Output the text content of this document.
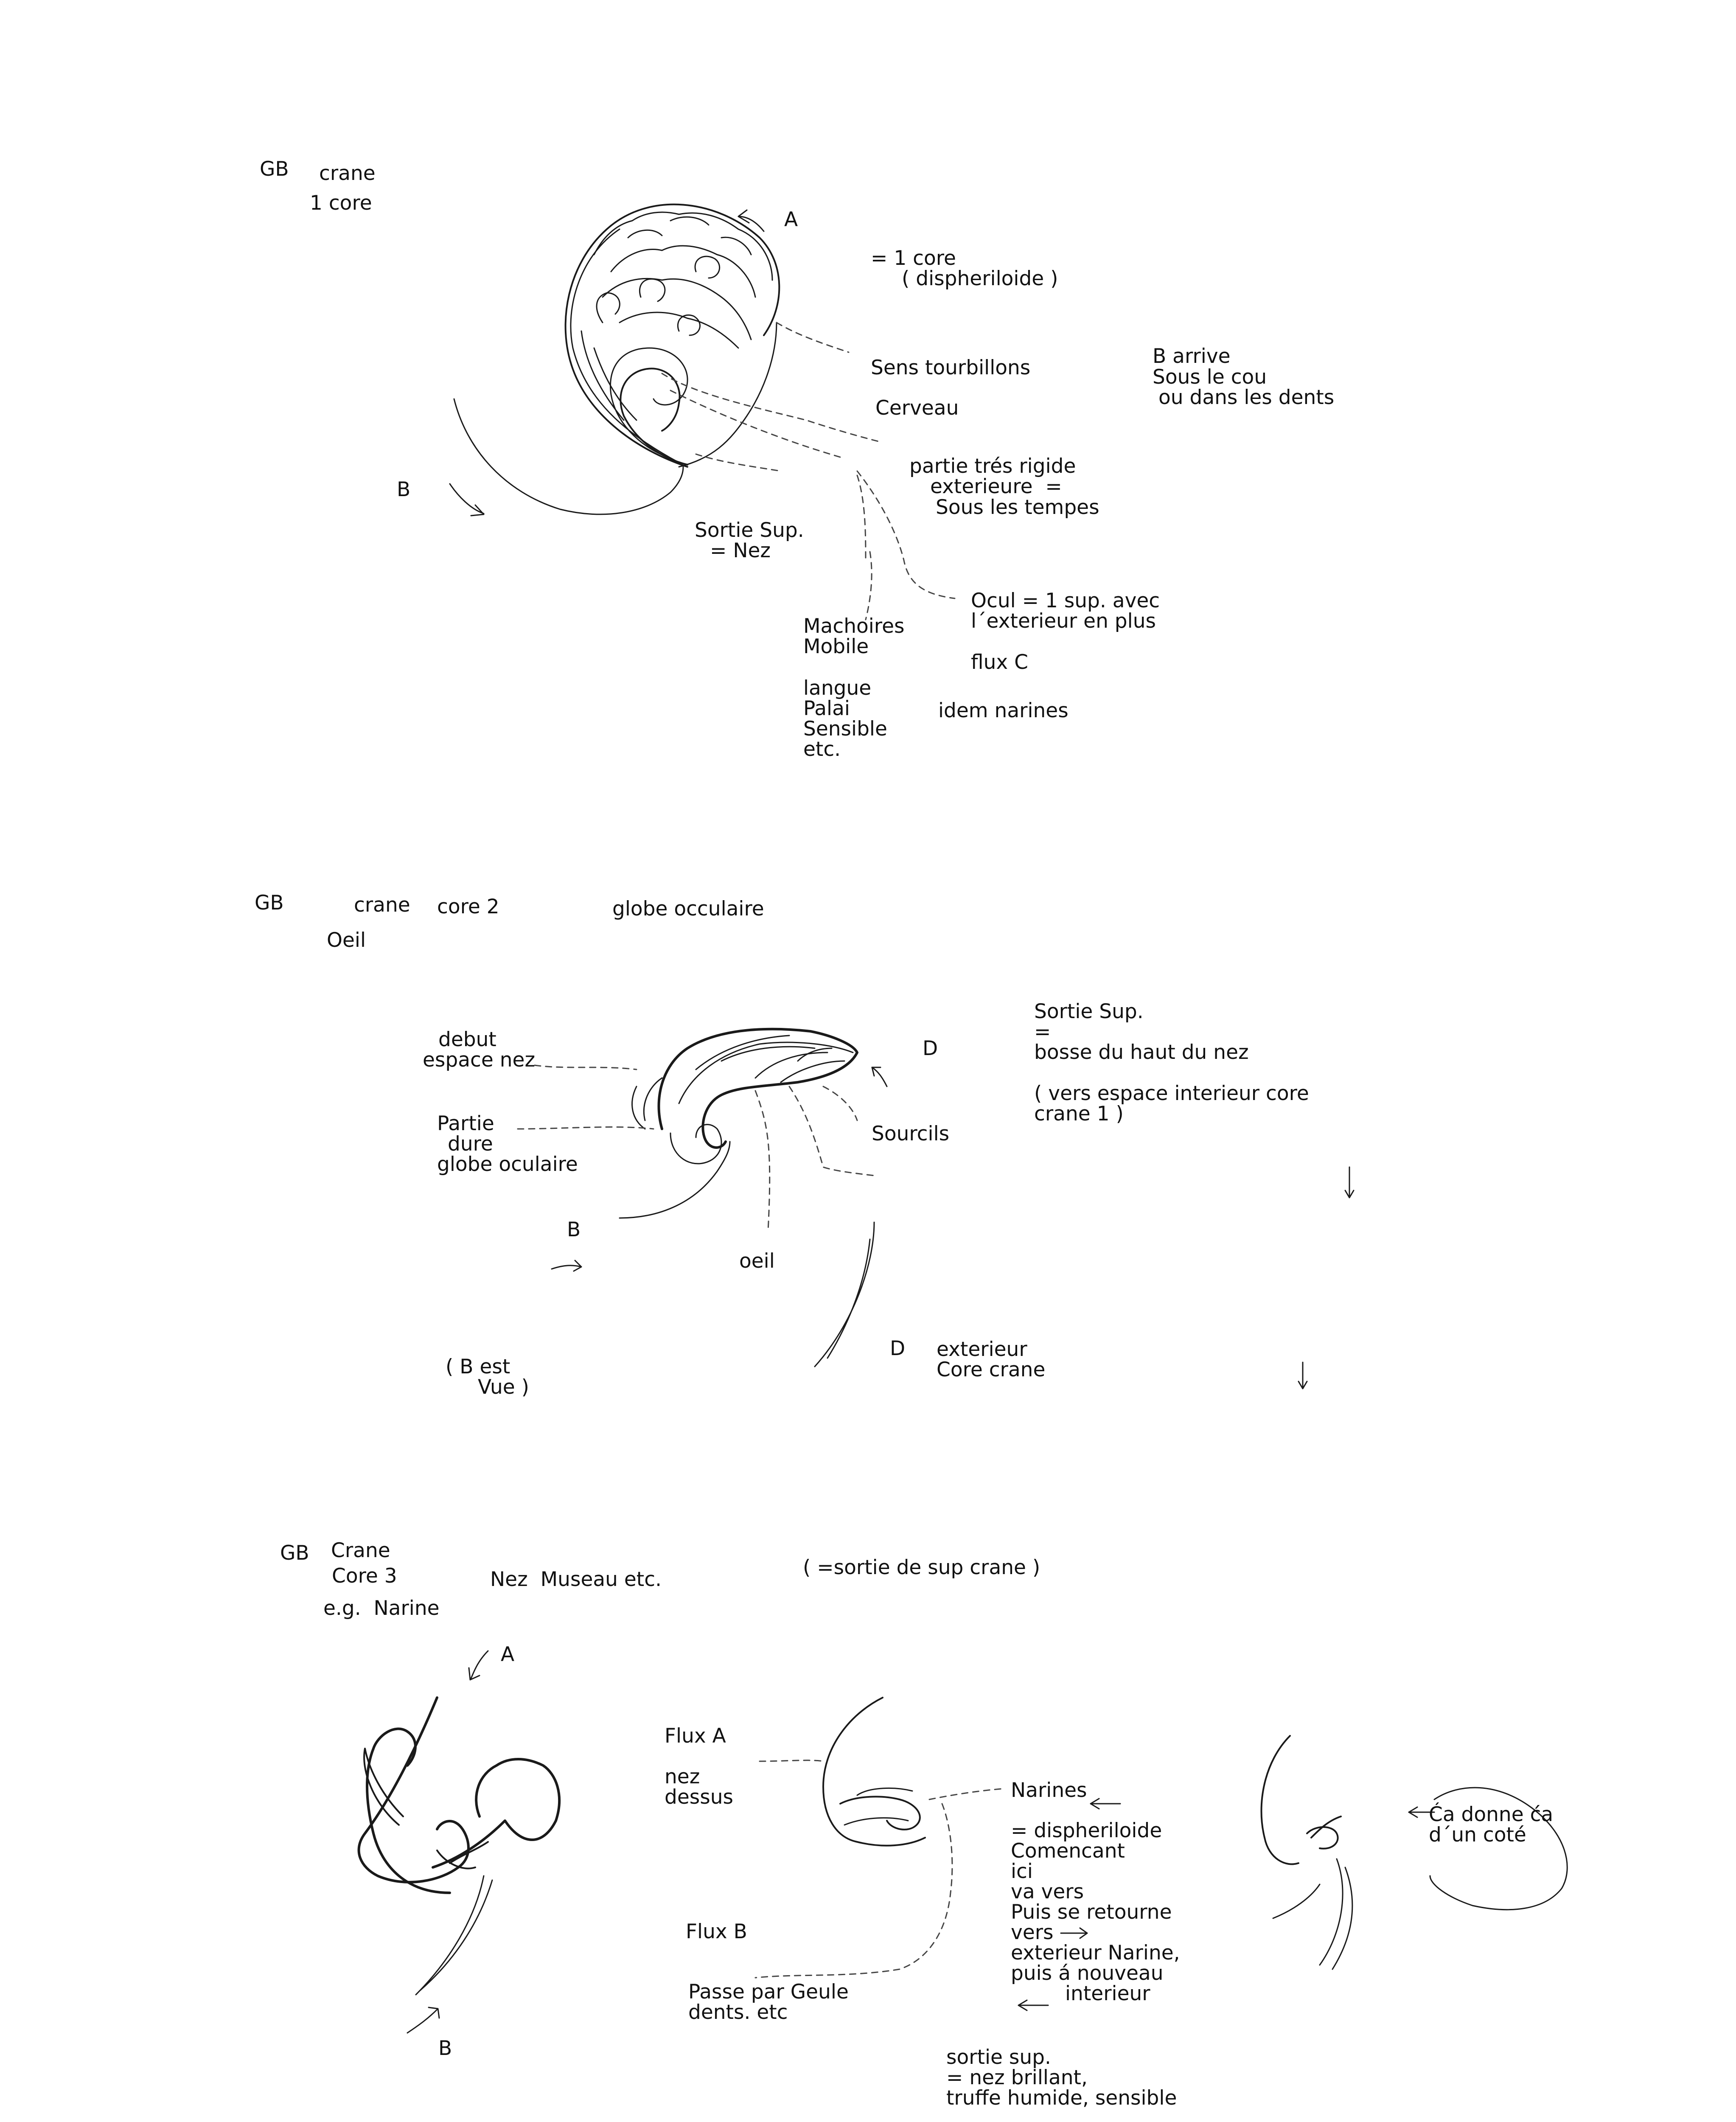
GB crane
1 core
A
= 1 core
( dispheriloide )
Sens tourbillons	B arrive
Sous le cou
ou dans les dents
Cerveau
B
partie trés rigide
exterieure  =
Sous les tempes
Sortie Sup.
= Nez
Ocul = 1 sup. avec
l´exterieur en plus
flux C
Machoires
Mobile
langue
Palai
Sensible
etc.
idem narines
GB	crane core 2	globe occulaire
Oeil
Sortie Sup.
=
bosse du haut du nez
( vers espace interieur core
crane 1 )
debut
espace nez	D
Partie
dure
globe oculaire
Sourcils
B
oeil
D exterieur
Core crane
( B est
Vue )
GB Crane
Core 3
e.g.  Narine
Nez  Museau etc.
( =sortie de sup crane )
A
Flux A
nez
dessus	Narines
= dispheriloide
Comencant
ici
va vers
Puis se retourne
vers
exterieur Narine,
puis á nouveau
interieur
Ća donne ća
d´un coté
Flux B
Passe par Geule
dents. etc
B	sortie sup.
= nez brillant,
truffe humide, sensible
